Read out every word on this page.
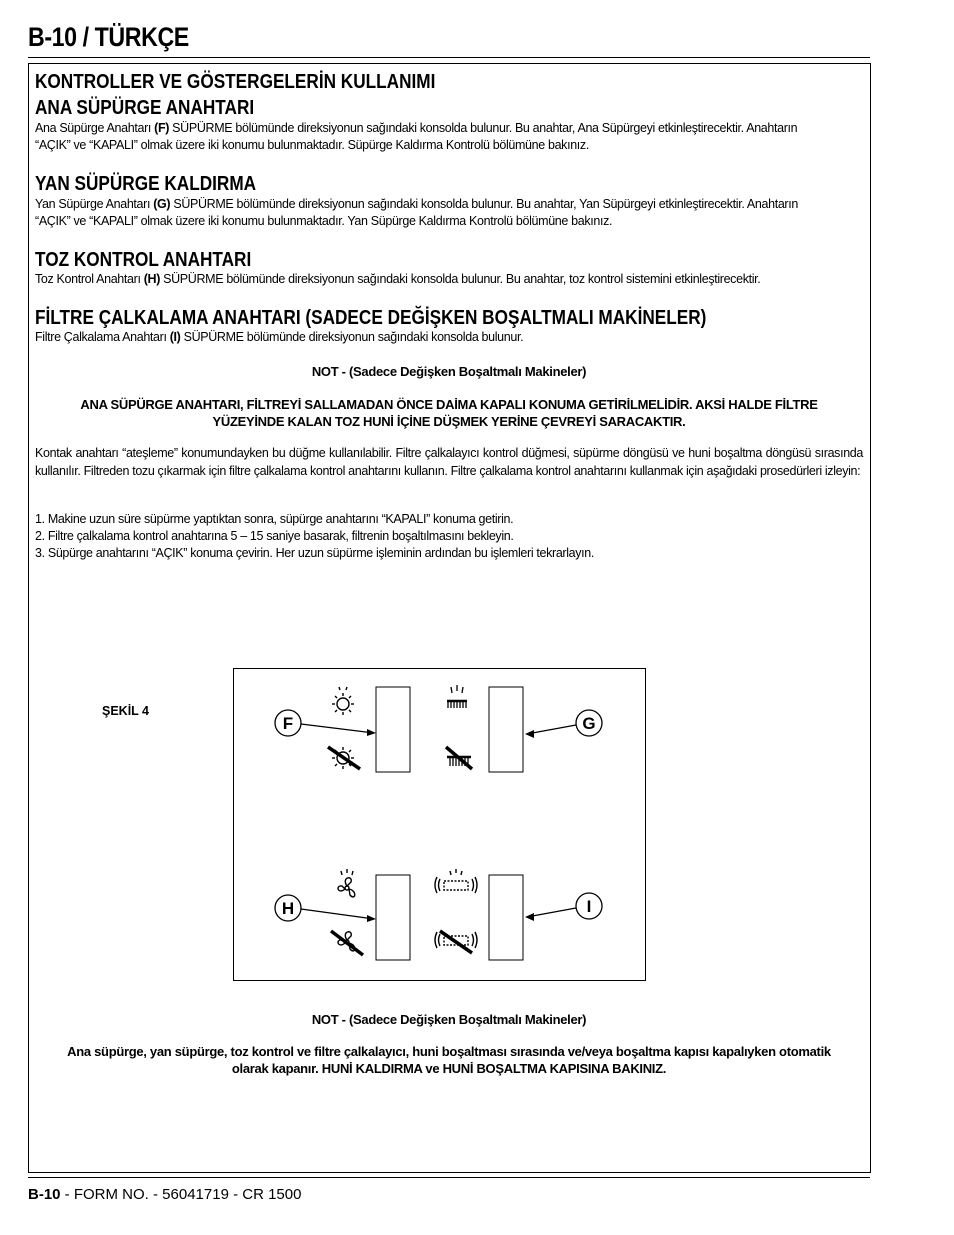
B-10 / TÜRKÇE
KONTROLLER VE GÖSTERGELERİN KULLANIMI
ANA SÜPÜRGE ANAHTARI
Ana Süpürge Anahtarı (F) SÜPÜRME bölümünde direksiyonun sağındaki konsolda bulunur. Bu anahtar, Ana Süpürgeyi etkinleştirecektir. Anahtarın
“AÇIK” ve “KAPALI” olmak üzere iki konumu bulunmaktadır. Süpürge Kaldırma Kontrolü bölümüne bakınız.
YAN SÜPÜRGE KALDIRMA
Yan Süpürge Anahtarı (G) SÜPÜRME bölümünde direksiyonun sağındaki konsolda bulunur. Bu anahtar, Yan Süpürgeyi etkinleştirecektir. Anahtarın
“AÇIK” ve “KAPALI” olmak üzere iki konumu bulunmaktadır. Yan Süpürge Kaldırma Kontrolü bölümüne bakınız.
TOZ KONTROL ANAHTARI
Toz Kontrol Anahtarı (H) SÜPÜRME bölümünde direksiyonun sağındaki konsolda bulunur. Bu anahtar, toz kontrol sistemini etkinleştirecektir.
FİLTRE ÇALKALAMA ANAHTARI (SADECE DEĞİŞKEN BOŞALTMALI MAKİNELER)
Filtre Çalkalama Anahtarı (I) SÜPÜRME bölümünde direksiyonun sağındaki konsolda bulunur.
NOT - (Sadece Değişken Boşaltmalı Makineler)
ANA SÜPÜRGE ANAHTARI, FİLTREYİ SALLAMADAN ÖNCE DAİMA KAPALI KONUMA GETİRİLMELİDİR. AKSİ HALDE FİLTRE
YÜZEYİNDE KALAN TOZ HUNİ İÇİNE DÜŞMEK YERİNE ÇEVREYİ SARACAKTIR.
Kontak anahtarı “ateşleme” konumundayken bu düğme kullanılabilir. Filtre çalkalayıcı kontrol düğmesi, süpürme döngüsü ve huni boşaltma döngüsü sırasında kullanılır. Filtreden tozu çıkarmak için filtre çalkalama kontrol anahtarını kullanın. Filtre çalkalama kontrol anahtarını kullanmak için aşağıdaki prosedürleri izleyin:
1. Makine uzun süre süpürme yaptıktan sonra, süpürge anahtarını “KAPALI” konuma getirin.
2. Filtre çalkalama kontrol anahtarına 5 – 15 saniye basarak, filtrenin boşaltılmasını bekleyin.
3. Süpürge anahtarını “AÇIK” konuma çevirin. Her uzun süpürme işleminin ardından bu işlemleri tekrarlayın.
ŞEKİL 4
F	G
H	I
NOT - (Sadece Değişken Boşaltmalı Makineler)
Ana süpürge, yan süpürge, toz kontrol ve filtre çalkalayıcı, huni boşaltması sırasında ve/veya boşaltma kapısı kapalıyken otomatik
olarak kapanır. HUNİ KALDIRMA ve HUNİ BOŞALTMA KAPISINA BAKINIZ.
B-10 - FORM NO. - 56041719 - CR 1500
